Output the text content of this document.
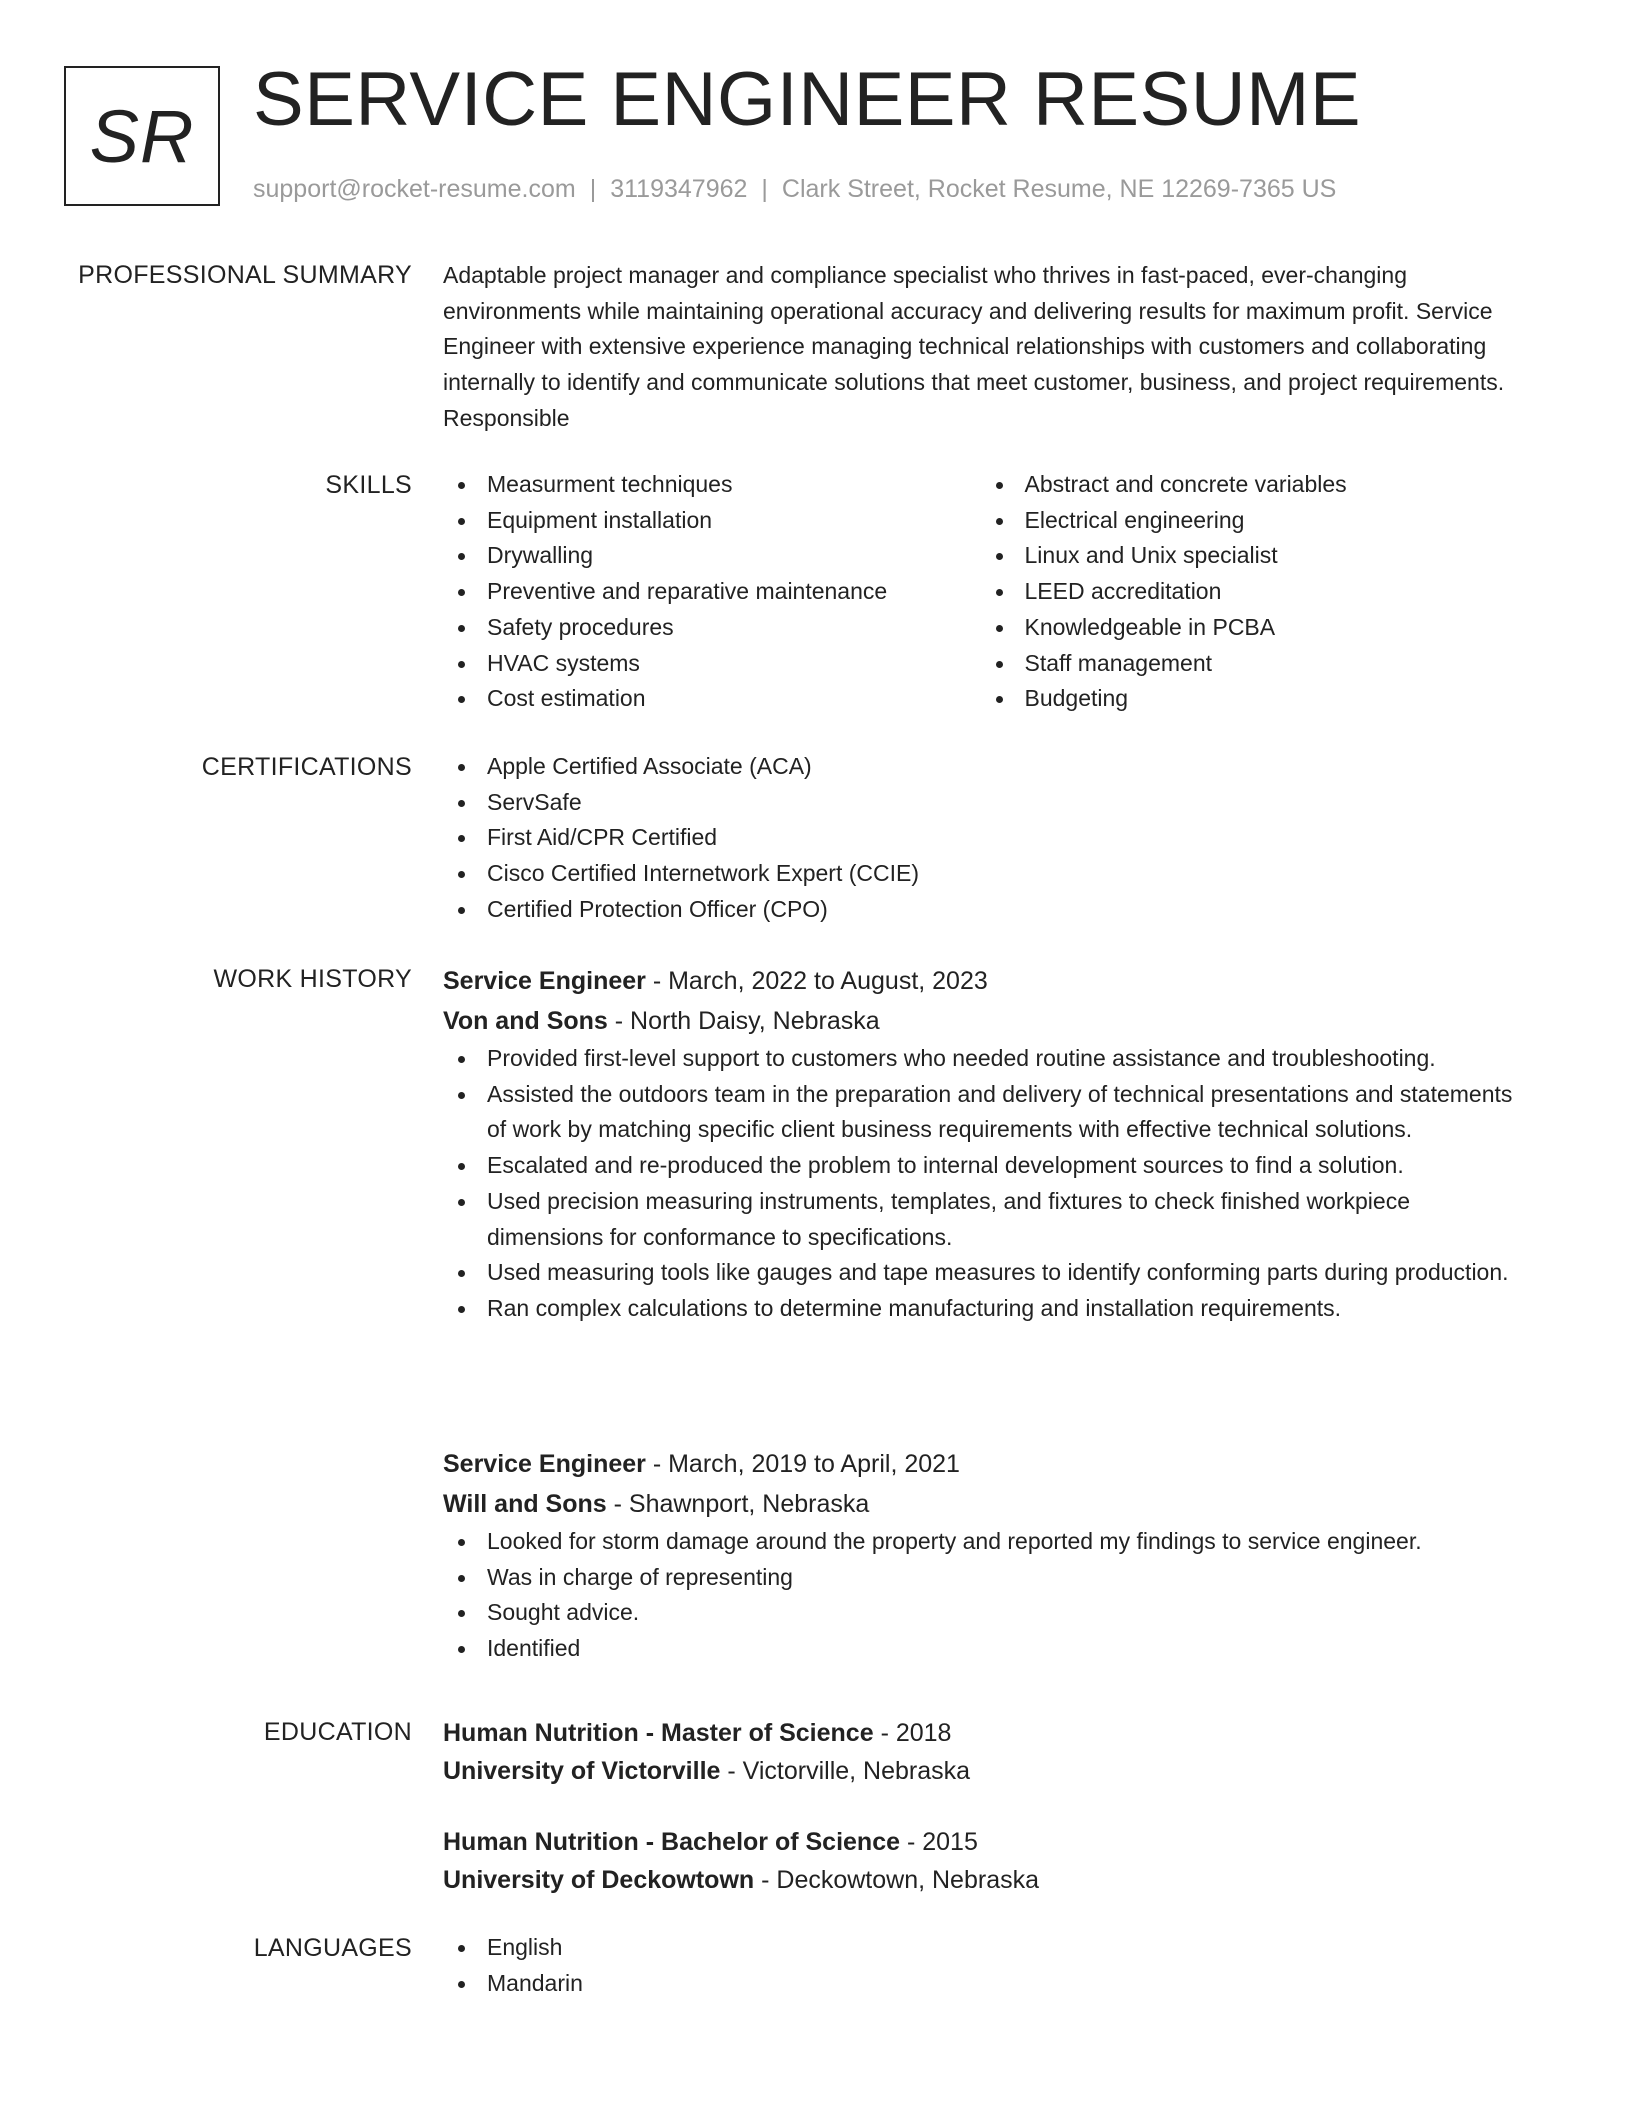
SR SERVICE ENGINEER RESUME
support@rocket-resume.com | 3119347962 | Clark Street, Rocket Resume, NE 12269-7365 US
PROFESSIONAL SUMMARY Adaptable project manager and compliance specialist who thrives in fast-paced, ever-changing environments while maintaining operational accuracy and delivering results for maximum profit. Service Engineer with extensive experience managing technical relationships with customers and collaborating internally to identify and communicate solutions that meet customer, business, and project requirements. Responsible

SKILLS	Measurment techniques
Equipment installation
Drywalling
Preventive and reparative maintenance
Safety procedures
HVAC systems
Cost estimation
Abstract and concrete variables
Electrical engineering
Linux and Unix specialist
LEED accreditation
Knowledgeable in PCBA
Staff management
Budgeting
CERTIFICATIONS	Apple Certified Associate (ACA)
ServSafe
First Aid/CPR Certified
Cisco Certified Internetwork Expert (CCIE)
Certified Protection Officer (CPO)
WORK HISTORY Service Engineer - March, 2022 to August, 2023
Von and Sons - North Daisy, Nebraska
Provided first-level support to customers who needed routine assistance and troubleshooting.
Assisted the outdoors team in the preparation and delivery of technical presentations and statements of work by matching specific client business requirements with effective technical solutions.
Escalated and re-produced the problem to internal development sources to find a solution.
Used precision measuring instruments, templates, and fixtures to check finished workpiece dimensions for conformance to specifications.
Used measuring tools like gauges and tape measures to identify conforming parts during production.
Ran complex calculations to determine manufacturing and installation requirements.
Service Engineer - March, 2019 to April, 2021
Will and Sons - Shawnport, Nebraska
Looked for storm damage around the property and reported my findings to service engineer.
Was in charge of representing
Sought advice.
Identified
EDUCATION Human Nutrition - Master of Science - 2018
University of Victorville - Victorville, Nebraska
Human Nutrition - Bachelor of Science - 2015
University of Deckowtown - Deckowtown, Nebraska
LANGUAGES	English
Mandarin
